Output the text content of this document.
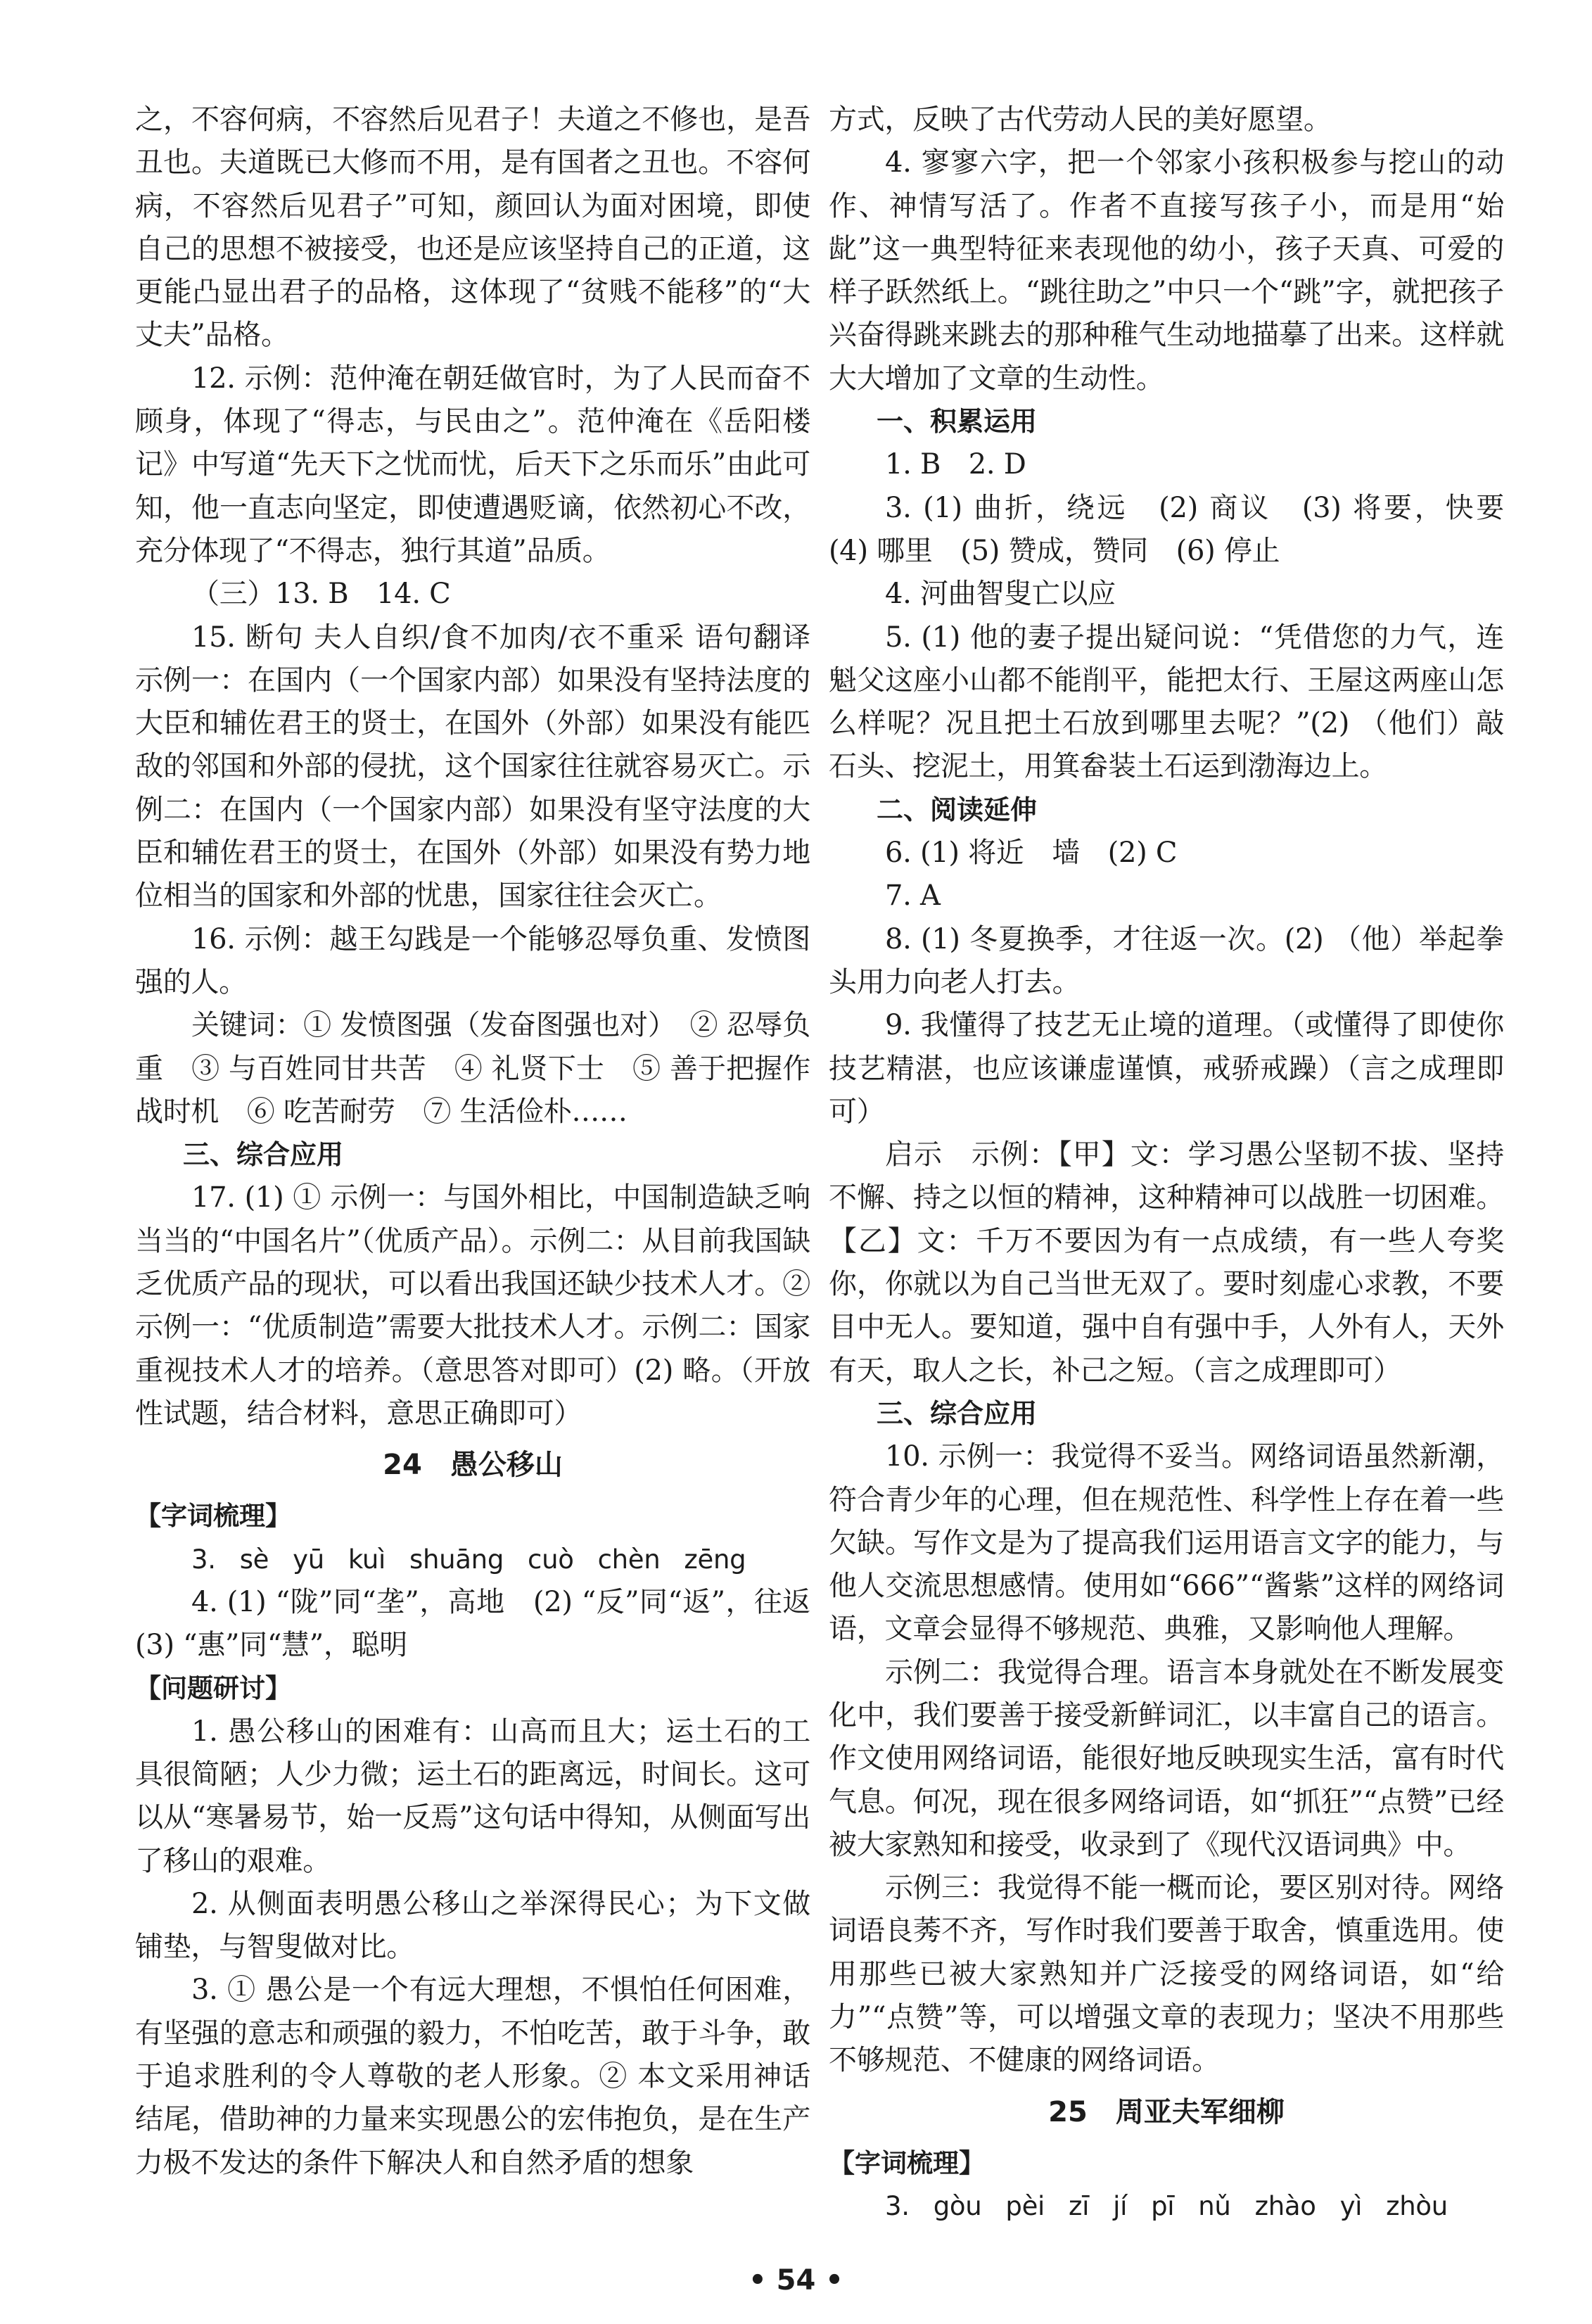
之，不容何病，不容然后见君子！夫道之不修也，是吾丑也。夫道既已大修而不用，是有国者之丑也。不容何病，不容然后见君子”可知，颜回认为面对困境，即使自己的思想不被接受，也还是应该坚持自己的正道，这更能凸显出君子的品格，这体现了“贫贱不能移”的“大丈夫”品格。

12. 示例：范仲淹在朝廷做官时，为了人民而奋不顾身，体现了“得志，与民由之”。范仲淹在《岳阳楼记》中写道“先天下之忧而忧，后天下之乐而乐”由此可知，他一直志向坚定，即使遭遇贬谪，依然初心不改，充分体现了“不得志，独行其道”品质。

（三）13. B　14. C

15. 断句 夫人自织/食不加肉/衣不重采 语句翻译 示例一：在国内（一个国家内部）如果没有坚持法度的大臣和辅佐君王的贤士，在国外（外部）如果没有能匹敌的邻国和外部的侵扰，这个国家往往就容易灭亡。示例二：在国内（一个国家内部）如果没有坚守法度的大臣和辅佐君王的贤士，在国外（外部）如果没有势力地位相当的国家和外部的忧患，国家往往会灭亡。

16. 示例：越王勾践是一个能够忍辱负重、发愤图强的人。

关键词：① 发愤图强（发奋图强也对）　② 忍辱负重　③ 与百姓同甘共苦　④ 礼贤下士　⑤ 善于把握作战时机　⑥ 吃苦耐劳　⑦ 生活俭朴……

三、综合应用

17. (1) ① 示例一：与国外相比，中国制造缺乏响当当的“中国名片”（优质产品）。示例二：从目前我国缺乏优质产品的现状，可以看出我国还缺少技术人才。② 示例一：“优质制造”需要大批技术人才。示例二：国家重视技术人才的培养。（意思答对即可）(2) 略。（开放性试题，结合材料，意思正确即可）

24　愚公移山

【字词梳理】

3. sè yū kuì shuāng cuò chèn zēng

4. (1) “陇”同“垄”，高地　(2) “反”同“返”，往返　(3) “惠”同“慧”，聪明

【问题研讨】

1. 愚公移山的困难有：山高而且大；运土石的工具很简陋；人少力微；运土石的距离远，时间长。这可以从“寒暑易节，始一反焉”这句话中得知，从侧面写出了移山的艰难。

2. 从侧面表明愚公移山之举深得民心；为下文做铺垫，与智叟做对比。

3. ① 愚公是一个有远大理想，不惧怕任何困难，有坚强的意志和顽强的毅力，不怕吃苦，敢于斗争，敢于追求胜利的令人尊敬的老人形象。② 本文采用神话结尾，借助神的力量来实现愚公的宏伟抱负，是在生产力极不发达的条件下解决人和自然矛盾的想象

方式，反映了古代劳动人民的美好愿望。

4. 寥寥六字，把一个邻家小孩积极参与挖山的动作、神情写活了。作者不直接写孩子小，而是用“始龀”这一典型特征来表现他的幼小，孩子天真、可爱的样子跃然纸上。“跳往助之”中只一个“跳”字，就把孩子兴奋得跳来跳去的那种稚气生动地描摹了出来。这样就大大增加了文章的生动性。

一、积累运用

1. B　2. D

3. (1) 曲折，绕远　(2) 商议　(3) 将要，快要　(4) 哪里　(5) 赞成，赞同　(6) 停止

4. 河曲智叟亡以应

5. (1) 他的妻子提出疑问说：“凭借您的力气，连魁父这座小山都不能削平，能把太行、王屋这两座山怎么样呢？况且把土石放到哪里去呢？”(2) （他们）敲石头、挖泥土，用箕畚装土石运到渤海边上。

二、阅读延伸

6. (1) 将近　墙　(2) C

7. A

8. (1) 冬夏换季，才往返一次。(2) （他）举起拳头用力向老人打去。

9. 我懂得了技艺无止境的道理。（或懂得了即使你技艺精湛，也应该谦虚谨慎，戒骄戒躁）（言之成理即可）

启示　示例：【甲】文：学习愚公坚韧不拔、坚持不懈、持之以恒的精神，这种精神可以战胜一切困难。【乙】文：千万不要因为有一点成绩，有一些人夸奖你，你就以为自己当世无双了。要时刻虚心求教，不要目中无人。要知道，强中自有强中手，人外有人，天外有天，取人之长，补己之短。（言之成理即可）

三、综合应用

10. 示例一：我觉得不妥当。网络词语虽然新潮，符合青少年的心理，但在规范性、科学性上存在着一些欠缺。写作文是为了提高我们运用语言文字的能力，与他人交流思想感情。使用如“666”“酱紫”这样的网络词语，文章会显得不够规范、典雅，又影响他人理解。

示例二：我觉得合理。语言本身就处在不断发展变化中，我们要善于接受新鲜词汇，以丰富自己的语言。作文使用网络词语，能很好地反映现实生活，富有时代气息。何况，现在很多网络词语，如“抓狂”“点赞”已经被大家熟知和接受，收录到了《现代汉语词典》中。

示例三：我觉得不能一概而论，要区别对待。网络词语良莠不齐，写作时我们要善于取舍，慎重选用。使用那些已被大家熟知并广泛接受的网络词语，如“给力”“点赞”等，可以增强文章的表现力；坚决不用那些不够规范、不健康的网络词语。

25　周亚夫军细柳

【字词梳理】

3. gòu pèi zī jí pī nǔ zhào yì zhòu

• 54 •
